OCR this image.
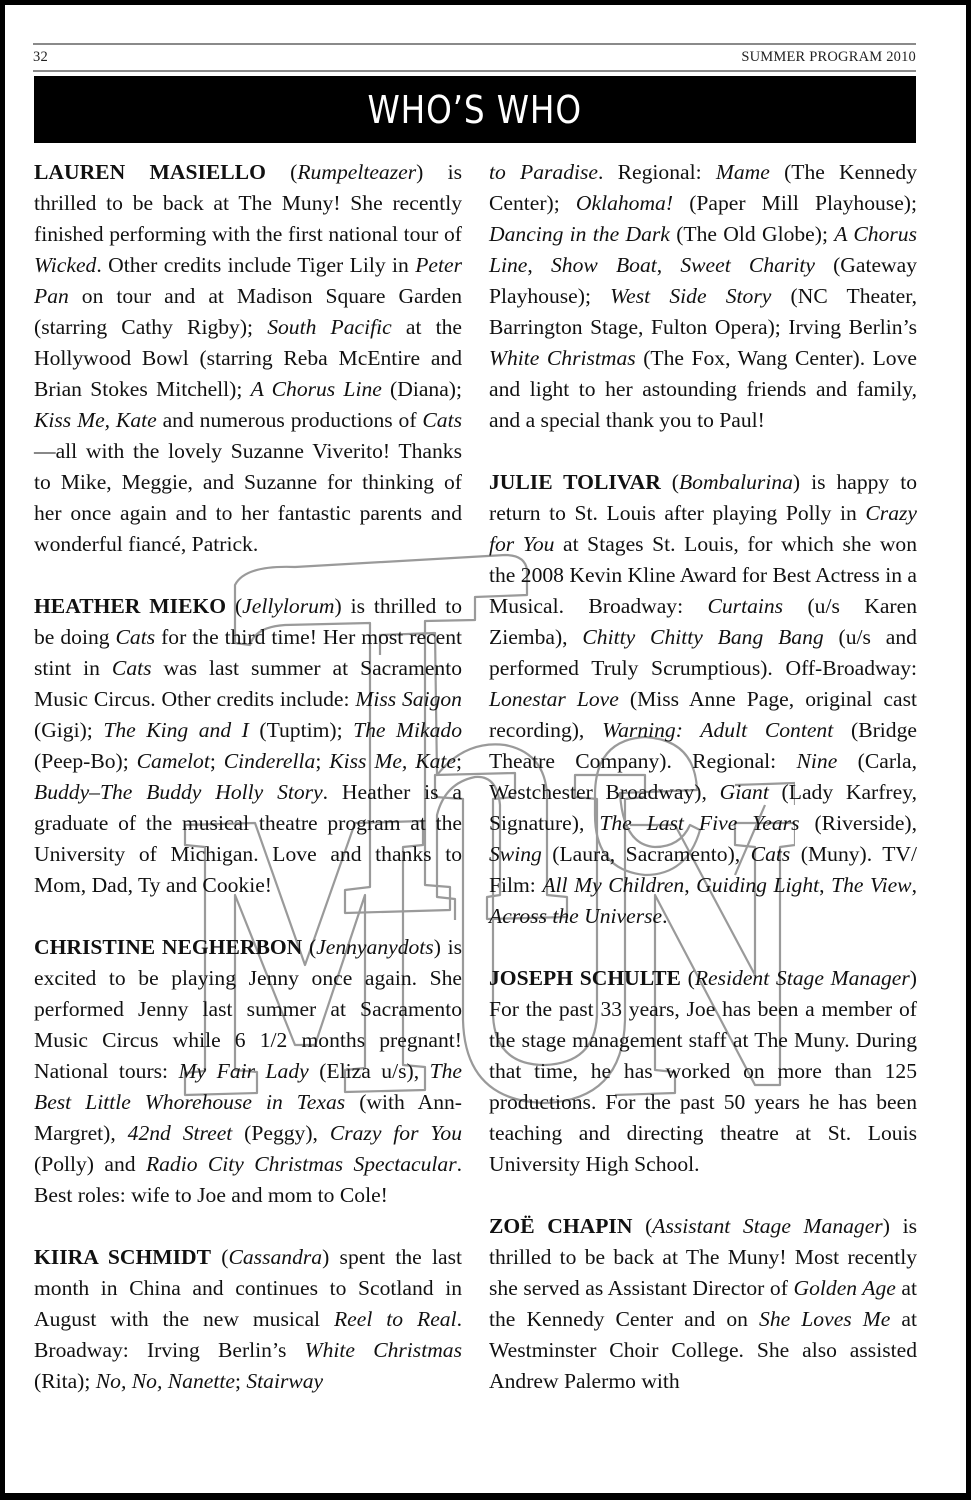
32	SUMMER PROGRAM 2010
WHO’S WHO

LAUREN MASIELLO (Rumpelteazer) is thrilled to be back at The Muny! She recently finished performing with the first national tour of Wicked. Other credits include Tiger Lily in Peter Pan on tour and at Madison Square Garden (starring Cathy Rigby); South Pacific at the Hollywood Bowl (starring Reba McEntire and Brian Stokes Mitchell); A Chorus Line (Diana); Kiss Me, Kate and numerous productions of Cats—all with the lovely Suzanne Viverito! Thanks to Mike, Meggie, and Suzanne for thinking of her once again and to her fantastic parents and wonderful fiancé, Patrick.

HEATHER MIEKO (Jellylorum) is thrilled to be doing Cats for the third time! Her most recent stint in Cats was last summer at Sacramento Music Circus. Other credits include: Miss Saigon (Gigi); The King and I (Tuptim); The Mikado (Peep-Bo); Camelot; Cinderella; Kiss Me, Kate; Buddy–The Buddy Holly Story. Heather is a graduate of the musical theatre program at the University of Michigan. Love and thanks to Mom, Dad, Ty and Cookie!

CHRISTINE NEGHERBON (Jennyanydots) is excited to be playing Jenny once again. She performed Jenny last summer at Sacramento Music Circus while 6 1/2 months pregnant! National tours: My Fair Lady (Eliza u/s), The Best Little Whorehouse in Texas (with Ann-Margret), 42nd Street (Peggy), Crazy for You (Polly) and Radio City Christmas Spectacular. Best roles: wife to Joe and mom to Cole!

KIIRA SCHMIDT (Cassandra) spent the last month in China and continues to Scotland in August with the new musical Reel to Real. Broadway: Irving Berlin’s White Christmas (Rita); No, No, Nanette; Stairway

to Paradise. Regional: Mame (The Kennedy Center); Oklahoma! (Paper Mill Playhouse); Dancing in the Dark (The Old Globe); A Chorus Line, Show Boat, Sweet Charity (Gateway Playhouse); West Side Story (NC Theater, Barrington Stage, Fulton Opera); Irving Berlin’s White Christmas (The Fox, Wang Center). Love and light to her astounding friends and family, and a special thank you to Paul!

JULIE TOLIVAR (Bombalurina) is happy to return to St. Louis after playing Polly in Crazy for You at Stages St. Louis, for which she won the 2008 Kevin Kline Award for Best Actress in a Musical. Broadway: Curtains (u/s Karen Ziemba), Chitty Chitty Bang Bang (u/s and performed Truly Scrumptious). Off-Broadway: Lonestar Love (Miss Anne Page, original cast recording), Warning: Adult Content (Bridge Theatre Company). Regional: Nine (Carla, Westchester Broadway), Giant (Lady Karfrey, Signature), The Last Five Years (Riverside), Swing (Laura, Sacramento), Cats (Muny). TV/ Film: All My Children, Guiding Light, The View, Across the Universe.

JOSEPH SCHULTE (Resident Stage Manager) For the past 33 years, Joe has been a member of the stage management staff at The Muny. During that time, he has worked on more than 125 productions. For the past 50 years he has been teaching and directing theatre at St. Louis University High School.

ZOË CHAPIN (Assistant Stage Manager) is thrilled to be back at The Muny! Most recently she served as Assistant Director of Golden Age at the Kennedy Center and on She Loves Me at Westminster Choir College. She also assisted Andrew Palermo with
